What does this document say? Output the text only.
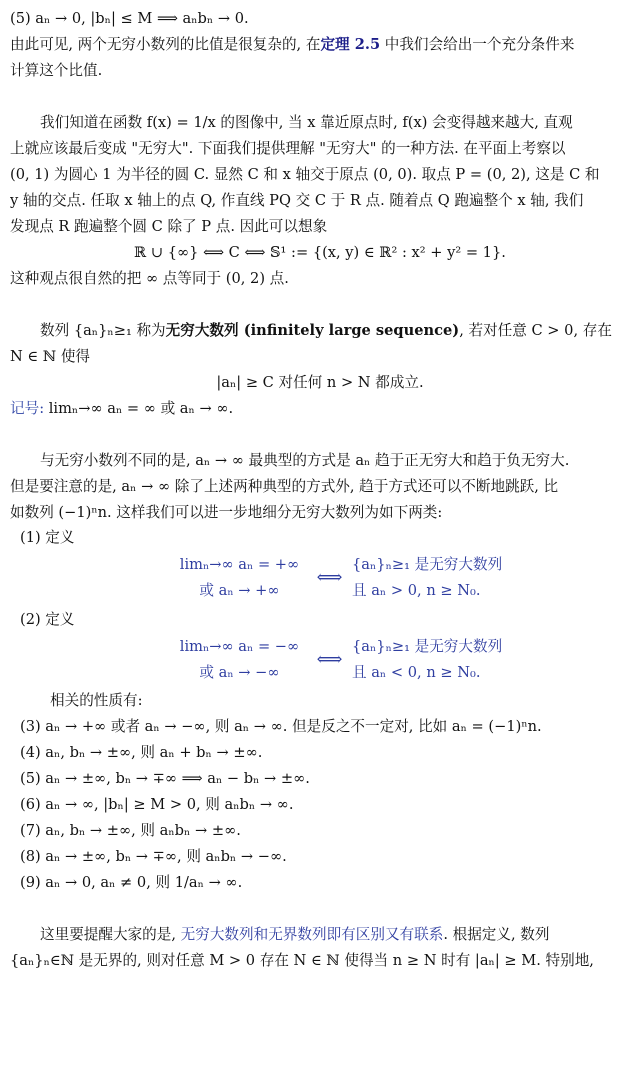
(5) aₙ → 0, |bₙ| ≤ M ⟹ aₙbₙ → 0.
由此可见, 两个无穷小数列的比值是很复杂的, 在定理 2.5 中我们会给出一个充分条件来
计算这个比值.
我们知道在函数 f(x) = 1/x 的图像中, 当 x 靠近原点时, f(x) 会变得越来越大, 直观
上就应该最后变成 "无穷大". 下面我们提供理解 "无穷大" 的一种方法. 在平面上考察以
(0, 1) 为圆心 1 为半径的圆 C. 显然 C 和 x 轴交于原点 (0, 0). 取点 P = (0, 2), 这是 C 和
y 轴的交点. 任取 x 轴上的点 Q, 作直线 PQ 交 C 于 R 点. 随着点 Q 跑遍整个 x 轴, 我们
发现点 R 跑遍整个圆 C 除了 P 点. 因此可以想象
ℝ ∪ {∞} ⟺ C ⟺ 𝕊¹ := {(x, y) ∈ ℝ² : x² + y² = 1}.
这种观点很自然的把 ∞ 点等同于 (0, 2) 点.
数列 {aₙ}ₙ≥₁ 称为无穷大数列 (infinitely large sequence), 若对任意 C > 0, 存在
N ∈ ℕ 使得
|aₙ| ≥ C 对任何 n > N 都成立.
记号: limₙ→∞ aₙ = ∞ 或 aₙ → ∞.
与无穷小数列不同的是, aₙ → ∞ 最典型的方式是 aₙ 趋于正无穷大和趋于负无穷大.
但是要注意的是, aₙ → ∞ 除了上述两种典型的方式外, 趋于方式还可以不断地跳跃, 比
如数列 (−1)ⁿn. 这样我们可以进一步地细分无穷大数列为如下两类:
(1) 定义
limₙ→∞ aₙ = +∞
或 aₙ → +∞
⟺
{aₙ}ₙ≥₁ 是无穷大数列
且 aₙ > 0, n ≥ N₀.
(2) 定义
limₙ→∞ aₙ = −∞
或 aₙ → −∞
⟺
{aₙ}ₙ≥₁ 是无穷大数列
且 aₙ < 0, n ≥ N₀.
相关的性质有:
(3) aₙ → +∞ 或者 aₙ → −∞, 则 aₙ → ∞. 但是反之不一定对, 比如 aₙ = (−1)ⁿn.
(4) aₙ, bₙ → ±∞, 则 aₙ + bₙ → ±∞.
(5) aₙ → ±∞, bₙ → ∓∞ ⟹ aₙ − bₙ → ±∞.
(6) aₙ → ∞, |bₙ| ≥ M > 0, 则 aₙbₙ → ∞.
(7) aₙ, bₙ → ±∞, 则 aₙbₙ → ±∞.
(8) aₙ → ±∞, bₙ → ∓∞, 则 aₙbₙ → −∞.
(9) aₙ → 0, aₙ ≠ 0, 则 1/aₙ → ∞.
这里要提醒大家的是, 无穷大数列和无界数列即有区别又有联系. 根据定义, 数列
{aₙ}ₙ∈ℕ 是无界的, 则对任意 M > 0 存在 N ∈ ℕ 使得当 n ≥ N 时有 |aₙ| ≥ M. 特别地,
